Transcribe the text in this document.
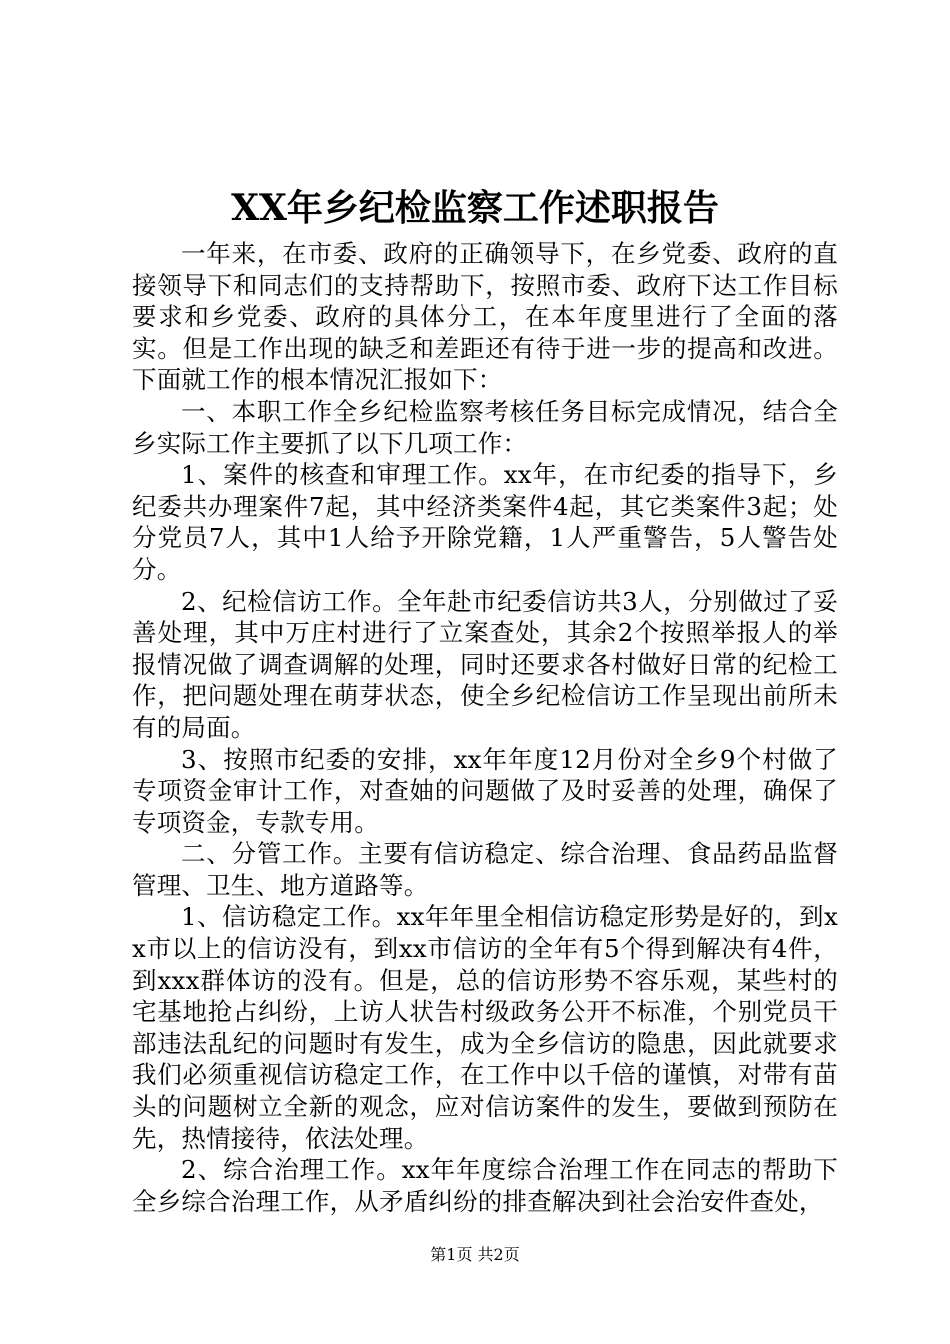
XX年乡纪检监察工作述职报告

一年来，在市委、政府的正确领导下，在乡党委、政府的直接领导下和同志们的支持帮助下，按照市委、政府下达工作目标要求和乡党委、政府的具体分工，在本年度里进行了全面的落实。但是工作出现的缺乏和差距还有待于进一步的提高和改进。下面就工作的根本情况汇报如下：

一、本职工作全乡纪检监察考核任务目标完成情况，结合全乡实际工作主要抓了以下几项工作：

1、案件的核查和审理工作。xx年，在市纪委的指导下，乡纪委共办理案件7起，其中经济类案件4起，其它类案件3起；处分党员7人，其中1人给予开除党籍，1人严重警告，5人警告处分。

2、纪检信访工作。全年赴市纪委信访共3人，分别做过了妥善处理，其中万庄村进行了立案查处，其余2个按照举报人的举报情况做了调查调解的处理，同时还要求各村做好日常的纪检工作，把问题处理在萌芽状态，使全乡纪检信访工作呈现出前所未有的局面。

3、按照市纪委的安排，xx年年度12月份对全乡9个村做了专项资金审计工作，对查妯的问题做了及时妥善的处理，确保了专项资金，专款专用。

二、分管工作。主要有信访稳定、综合治理、食品药品监督管理、卫生、地方道路等。

1、信访稳定工作。xx年年里全相信访稳定形势是好的，到xx市以上的信访没有，到xx市信访的全年有5个得到解决有4件，到xxx群体访的没有。但是，总的信访形势不容乐观，某些村的宅基地抢占纠纷，上访人状告村级政务公开不标准，个别党员干部违法乱纪的问题时有发生，成为全乡信访的隐患，因此就要求我们必须重视信访稳定工作，在工作中以千倍的谨慎，对带有苗头的问题树立全新的观念，应对信访案件的发生，要做到预防在先，热情接待，依法处理。

2、综合治理工作。xx年年度综合治理工作在同志的帮助下全乡综合治理工作，从矛盾纠纷的排查解决到社会治安件查处，

第1页 共2页
